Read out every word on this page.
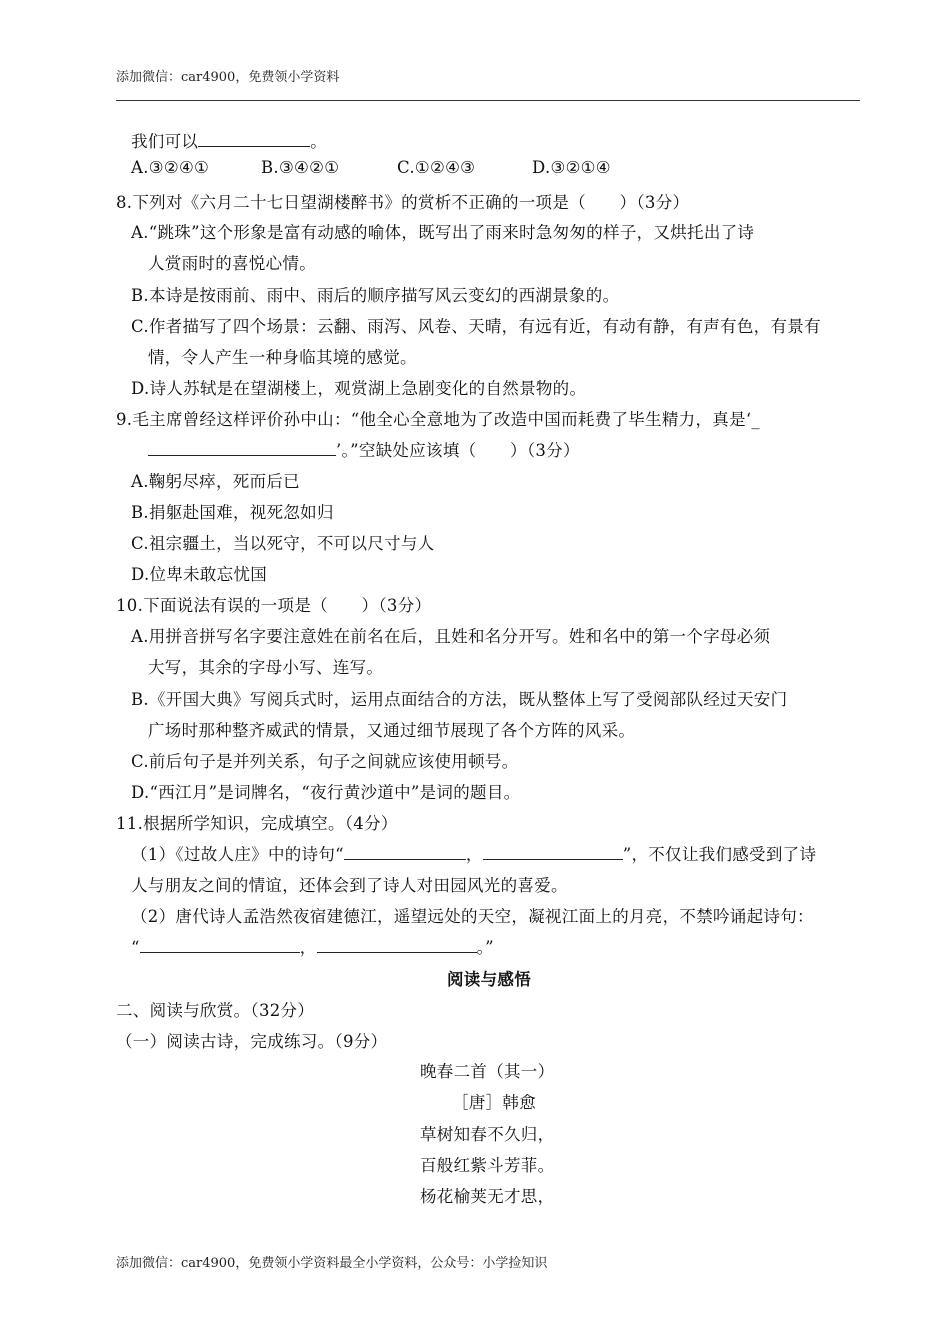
添加微信：car4900，免费领小学资料
我们可以	。
A.③②④①	B.③④②①	C.①②④③	D.③②①④
8.下列对《六月二十七日望湖楼醉书》的赏析不正确的一项是（　　）（3分）
A.“跳珠”这个形象是富有动感的喻体，既写出了雨来时急匆匆的样子，又烘托出了诗
人赏雨时的喜悦心情。
B.本诗是按雨前、雨中、雨后的顺序描写风云变幻的西湖景象的。
C.作者描写了四个场景：云翻、雨泻、风卷、天晴，有远有近，有动有静，有声有色，有景有
情，令人产生一种身临其境的感觉。
D.诗人苏轼是在望湖楼上，观赏湖上急剧变化的自然景物的。
9.毛主席曾经这样评价孙中山：“他全心全意地为了改造中国而耗费了毕生精力，真是‘_
’。”空缺处应该填（　　）（3分）
A.鞠躬尽瘁，死而后已
B.捐躯赴国难，视死忽如归
C.祖宗疆土，当以死守，不可以尺寸与人
D.位卑未敢忘忧国
10.下面说法有误的一项是（　　）（3分）
A.用拼音拼写名字要注意姓在前名在后，且姓和名分开写。姓和名中的第一个字母必须
大写，其余的字母小写、连写。
B.《开国大典》写阅兵式时，运用点面结合的方法，既从整体上写了受阅部队经过天安门
广场时那种整齐威武的情景，又通过细节展现了各个方阵的风采。
C.前后句子是并列关系，句子之间就应该使用顿号。
D.“西江月”是词牌名，“夜行黄沙道中”是词的题目。
11.根据所学知识，完成填空。（4分）
（1）《过故人庄》中的诗句“	，	”，不仅让我们感受到了诗
人与朋友之间的情谊，还体会到了诗人对田园风光的喜爱。
（2）唐代诗人孟浩然夜宿建德江，遥望远处的天空，凝视江面上的月亮，不禁吟诵起诗句：
“	，	。”
阅读与感悟
二、阅读与欣赏。（32分）
（一）阅读古诗，完成练习。（9分）
晚春二首（其一）
［唐］韩愈
草树知春不久归，
百般红紫斗芳菲。
杨花榆荚无才思，
添加微信：car4900，免费领小学资料最全小学资料，公众号：小学捡知识
